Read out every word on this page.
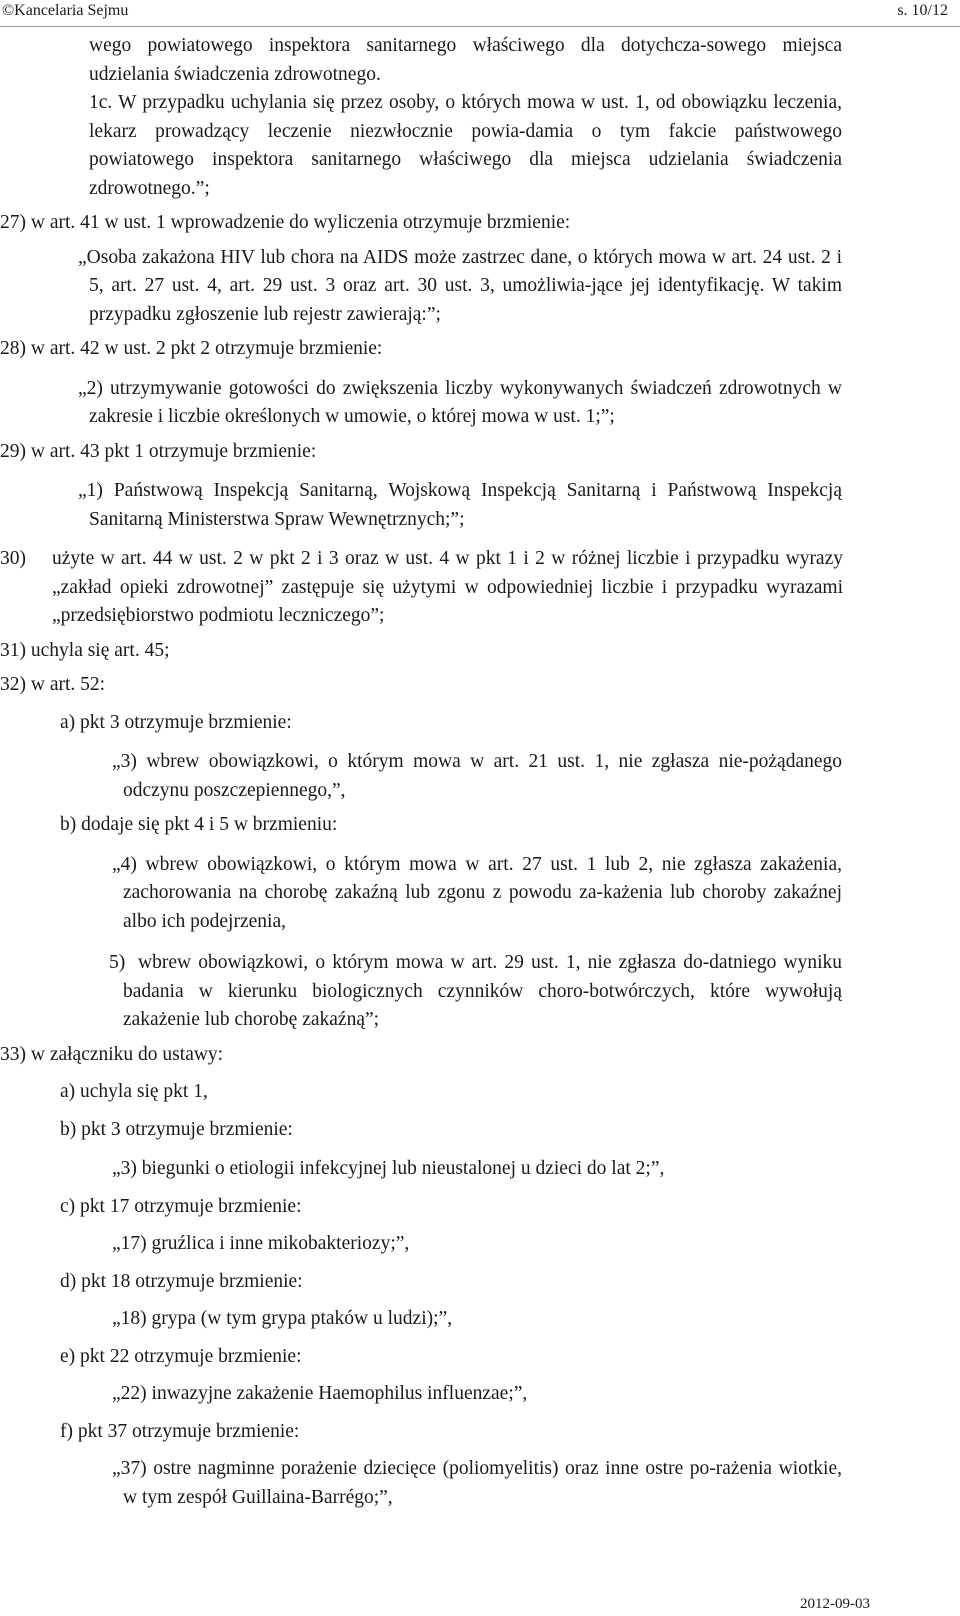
©Kancelaria Sejmu	s. 10/12

wego powiatowego inspektora sanitarnego właściwego dla dotychcza-sowego miejsca udzielania świadczenia zdrowotnego.

1c. W przypadku uchylania się przez osoby, o których mowa w ust. 1, od obowiązku leczenia, lekarz prowadzący leczenie niezwłocznie powia-damia o tym fakcie państwowego powiatowego inspektora sanitarnego właściwego dla miejsca udzielania świadczenia zdrowotnego.”;

27) w art. 41 w ust. 1 wprowadzenie do wyliczenia otrzymuje brzmienie:

„Osoba zakażona HIV lub chora na AIDS może zastrzec dane, o których mowa w art. 24 ust. 2 i 5, art. 27 ust. 4, art. 29 ust. 3 oraz art. 30 ust. 3, umożliwia-jące jej identyfikację. W takim przypadku zgłoszenie lub rejestr zawierają:”;

28) w art. 42 w ust. 2 pkt 2 otrzymuje brzmienie:

„2) utrzymywanie gotowości do zwiększenia liczby wykonywanych świadczeń zdrowotnych w zakresie i liczbie określonych w umowie, o której mowa w ust. 1;”;

29) w art. 43 pkt 1 otrzymuje brzmienie:

„1) Państwową Inspekcją Sanitarną, Wojskową Inspekcją Sanitarną i Państwową Inspekcją Sanitarną Ministerstwa Spraw Wewnętrznych;”;

30) użyte w art. 44 w ust. 2 w pkt 2 i 3 oraz w ust. 4 w pkt 1 i 2 w różnej liczbie i przypadku wyrazy „zakład opieki zdrowotnej” zastępuje się użytymi w odpowiedniej liczbie i przypadku wyrazami „przedsiębiorstwo podmiotu leczniczego”;

31) uchyla się art. 45;

32) w art. 52:

a) pkt 3 otrzymuje brzmienie:

„3) wbrew obowiązkowi, o którym mowa w art. 21 ust. 1, nie zgłasza nie-pożądanego odczynu poszczepiennego,”,

b) dodaje się pkt 4 i 5 w brzmieniu:

„4) wbrew obowiązkowi, o którym mowa w art. 27 ust. 1 lub 2, nie zgłasza zakażenia, zachorowania na chorobę zakaźną lub zgonu z powodu za-każenia lub choroby zakaźnej albo ich podejrzenia,

5) wbrew obowiązkowi, o którym mowa w art. 29 ust. 1, nie zgłasza do-datniego wyniku badania w kierunku biologicznych czynników choro-botwórczych, które wywołują zakażenie lub chorobę zakaźną”;

33) w załączniku do ustawy:

a) uchyla się pkt 1,

b) pkt 3 otrzymuje brzmienie:

„3) biegunki o etiologii infekcyjnej lub nieustalonej u dzieci do lat 2;”,

c) pkt 17 otrzymuje brzmienie:

„17) gruźlica i inne mikobakteriozy;”,

d) pkt 18 otrzymuje brzmienie:

„18) grypa (w tym grypa ptaków u ludzi);”,

e) pkt 22 otrzymuje brzmienie:

„22) inwazyjne zakażenie Haemophilus influenzae;”,

f) pkt 37 otrzymuje brzmienie:

„37) ostre nagminne porażenie dziecięce (poliomyelitis) oraz inne ostre po-rażenia wiotkie, w tym zespół Guillaina-Barrégo;”,

2012-09-03
